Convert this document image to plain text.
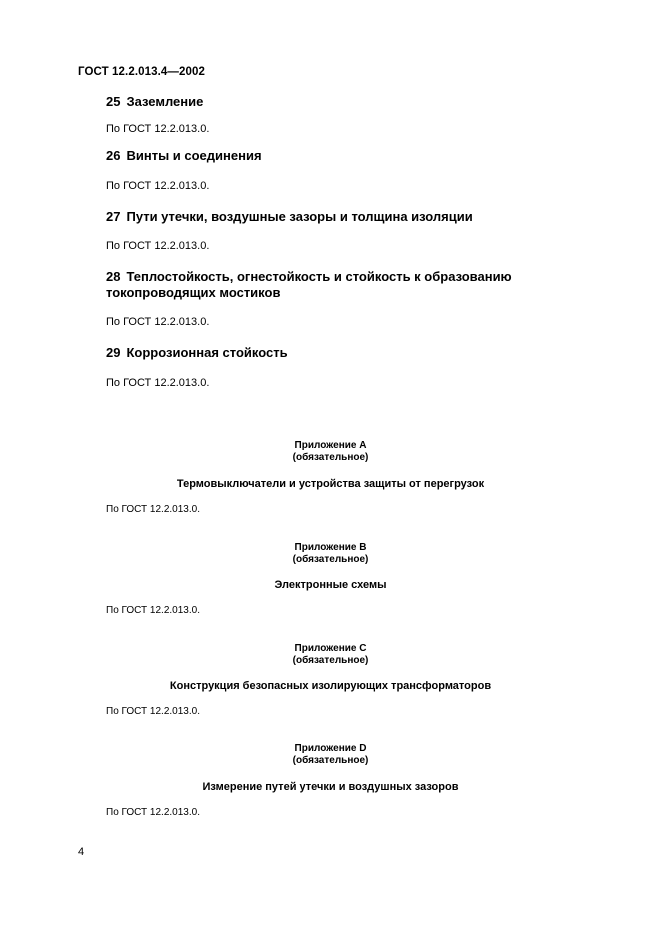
ГОСТ 12.2.013.4—2002
25 Заземление
По ГОСТ 12.2.013.0.
26 Винты и соединения
По ГОСТ 12.2.013.0.
27 Пути утечки, воздушные зазоры и толщина изоляции
По ГОСТ 12.2.013.0.
28 Теплостойкость, огнестойкость и стойкость к образованию токопроводящих мостиков
По ГОСТ 12.2.013.0.
29 Коррозионная стойкость
По ГОСТ 12.2.013.0.
Приложение A
(обязательное)
Термовыключатели и устройства защиты от перегрузок
По ГОСТ 12.2.013.0.
Приложение B
(обязательное)
Электронные схемы
По ГОСТ 12.2.013.0.
Приложение C
(обязательное)
Конструкция безопасных изолирующих трансформаторов
По ГОСТ 12.2.013.0.
Приложение D
(обязательное)
Измерение путей утечки и воздушных зазоров
По ГОСТ 12.2.013.0.
4
